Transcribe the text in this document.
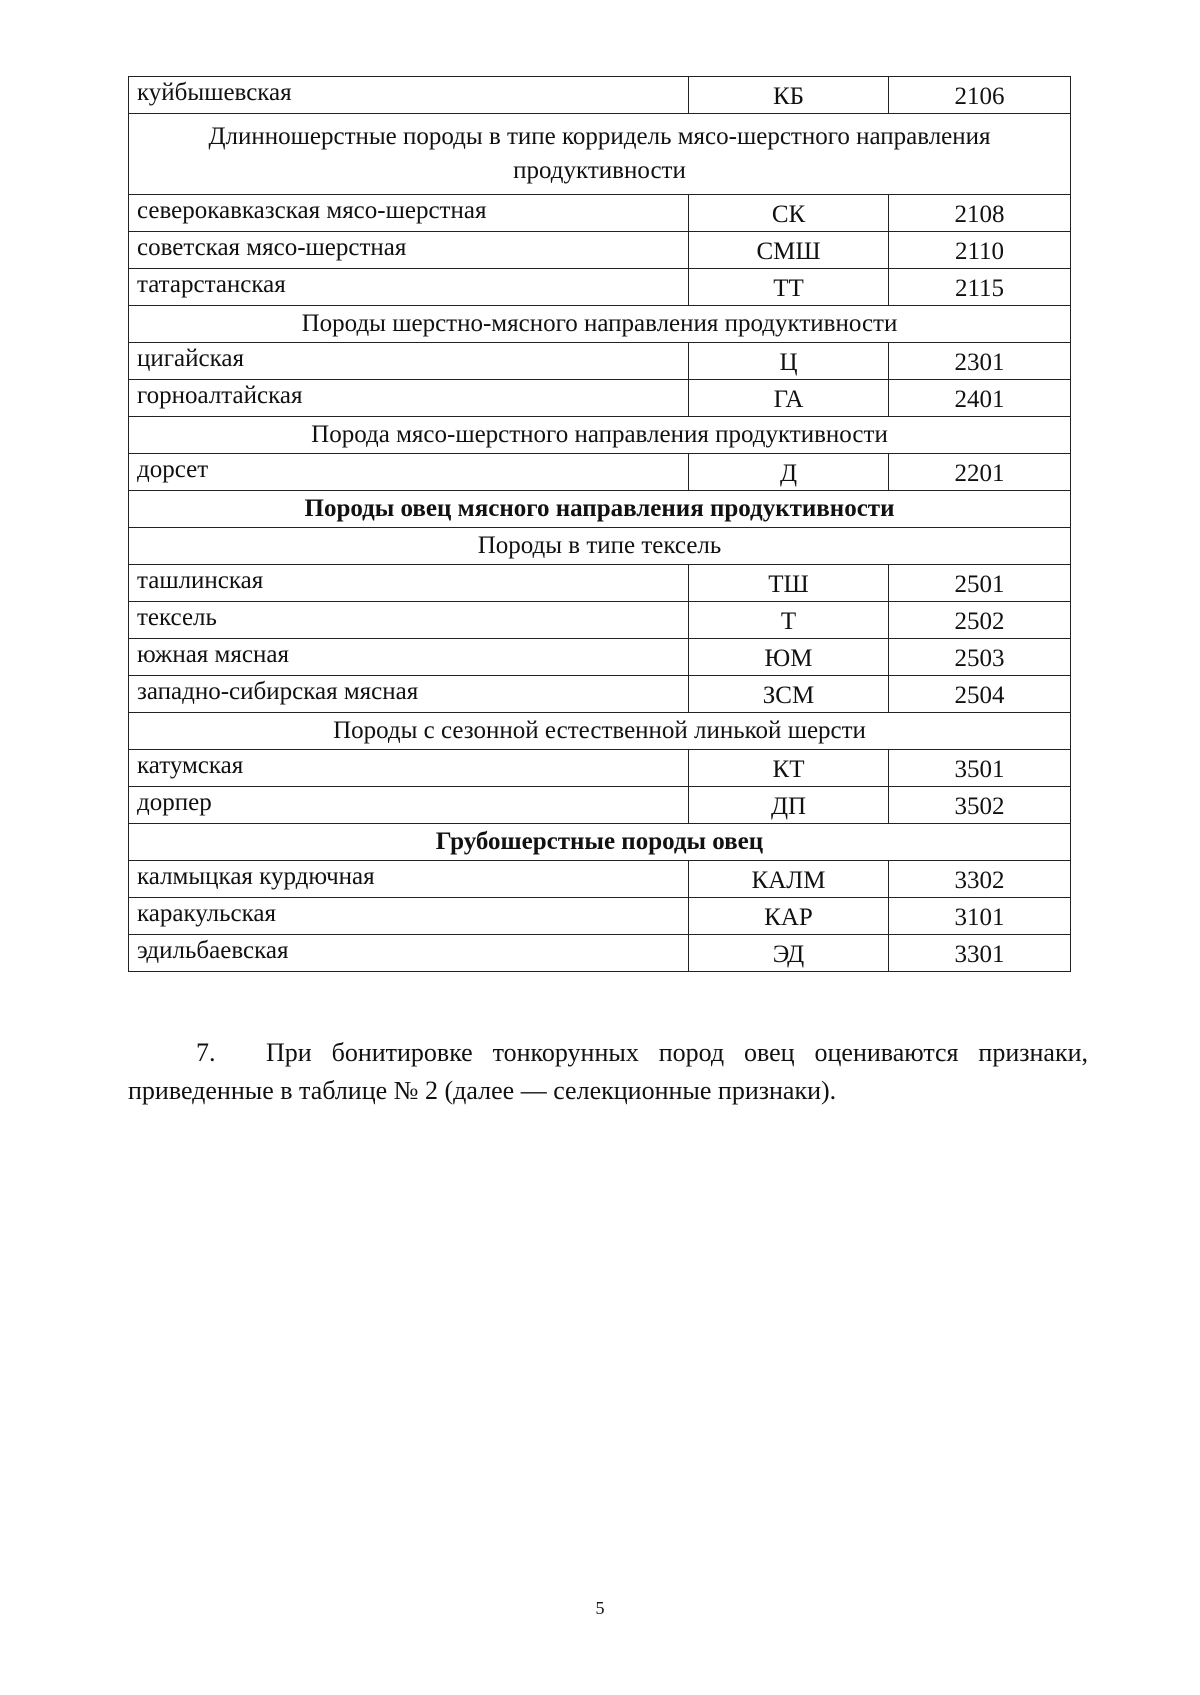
куйбышевская	КБ	2106
Длинношерстные породы в типе корридель мясо-шерстного направления продуктивности		
северокавказская мясо-шерстная	СК	2108
советская мясо-шерстная	СМШ	2110
татарстанская	ТТ	2115
Породы шерстно-мясного направления продуктивности		
цигайская	Ц	2301
горноалтайская	ГА	2401
Порода мясо-шерстного направления продуктивности		
дорсет	Д	2201
Породы овец мясного направления продуктивности		
Породы в типе тексель		
ташлинская	ТШ	2501
тексель	Т	2502
южная мясная	ЮМ	2503
западно-сибирская мясная	ЗСМ	2504
Породы с сезонной естественной линькой шерсти		
катумская	КТ	3501
дорпер	ДП	3502
Грубошерстные породы овец		
калмыцкая курдючная	КАЛМ	3302
каракульская	КАР	3101
эдильбаевская	ЭД	3301
7. При бонитировке тонкорунных пород овец оцениваются признаки, приведенные в таблице № 2 (далее — селекционные признаки).
5
